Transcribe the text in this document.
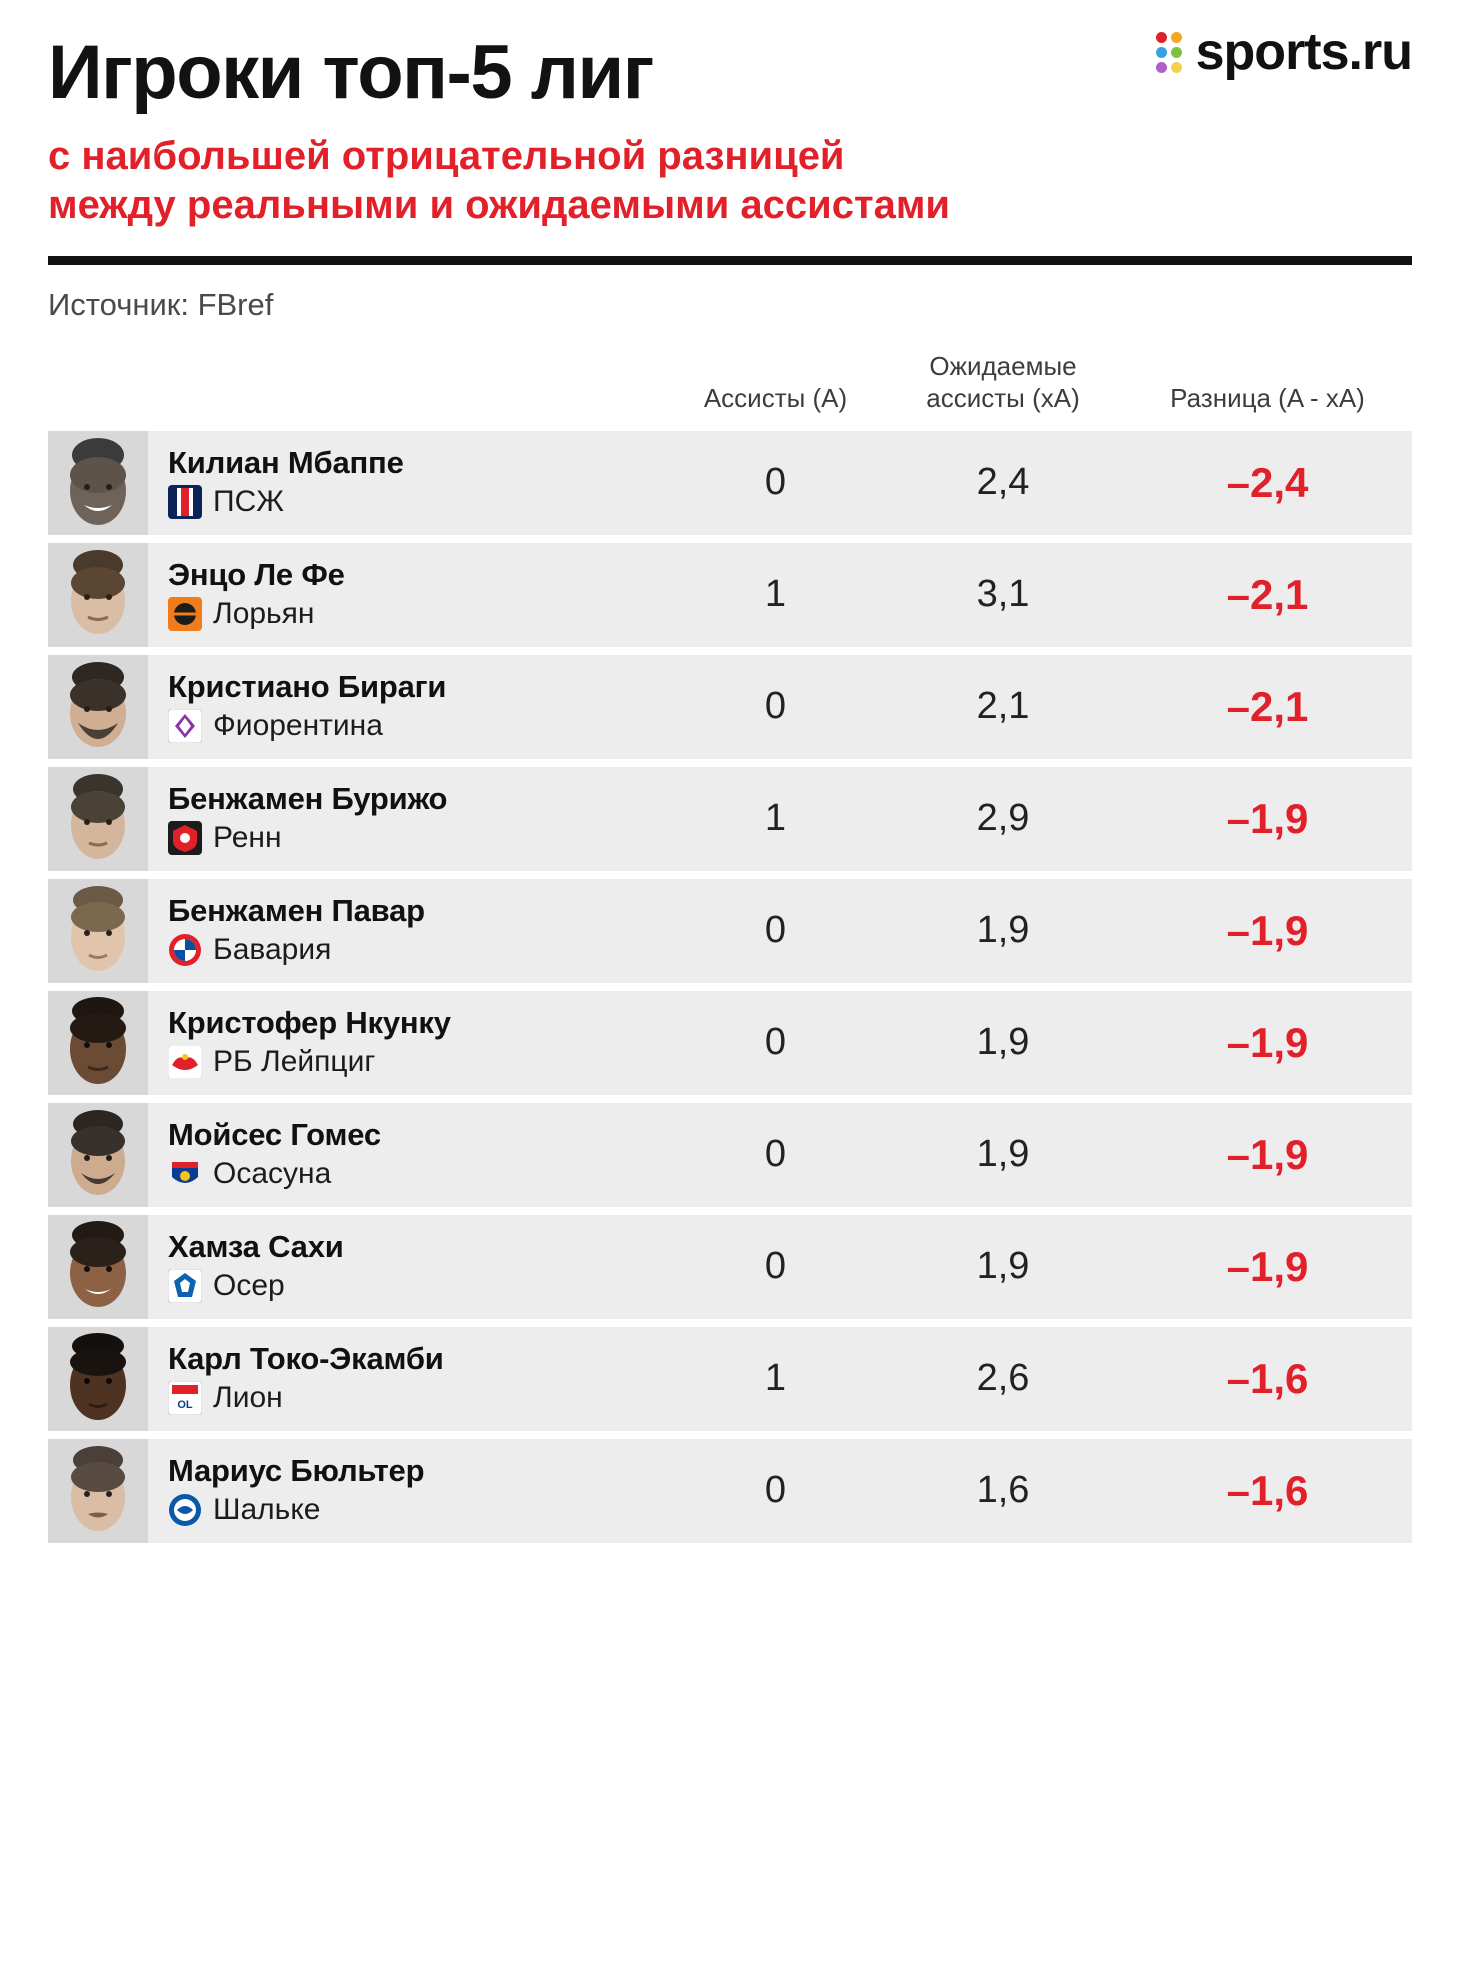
sports.ru
Игроки топ-5 лиг
с наибольшей отрицательной разницей
между реальными и ожидаемыми ассистами
Источник: FBref
	Ассисты (A)	Ожидаемые
ассисты (xA)	Разница (A - xA)

Килиан Мбаппе
ПСЖ	0	2,4	–2,4

Энцо Ле Фе
Лорьян	1	3,1	–2,1

Кристиано Бираги
Фиорентина	0	2,1	–2,1

Бенжамен Бурижо
Ренн	1	2,9	–1,9

Бенжамен Павар
Бавария	0	1,9	–1,9

Кристофер Нкунку
РБ Лейпциг	0	1,9	–1,9

Мойсес Гомес
Осасуна	0	1,9	–1,9

Хамза Сахи
Осер	0	1,9	–1,9

Карл Токо-Экамби
OL Лион	1	2,6	–1,6

Мариус Бюльтер
Шальке	0	1,6	–1,6
